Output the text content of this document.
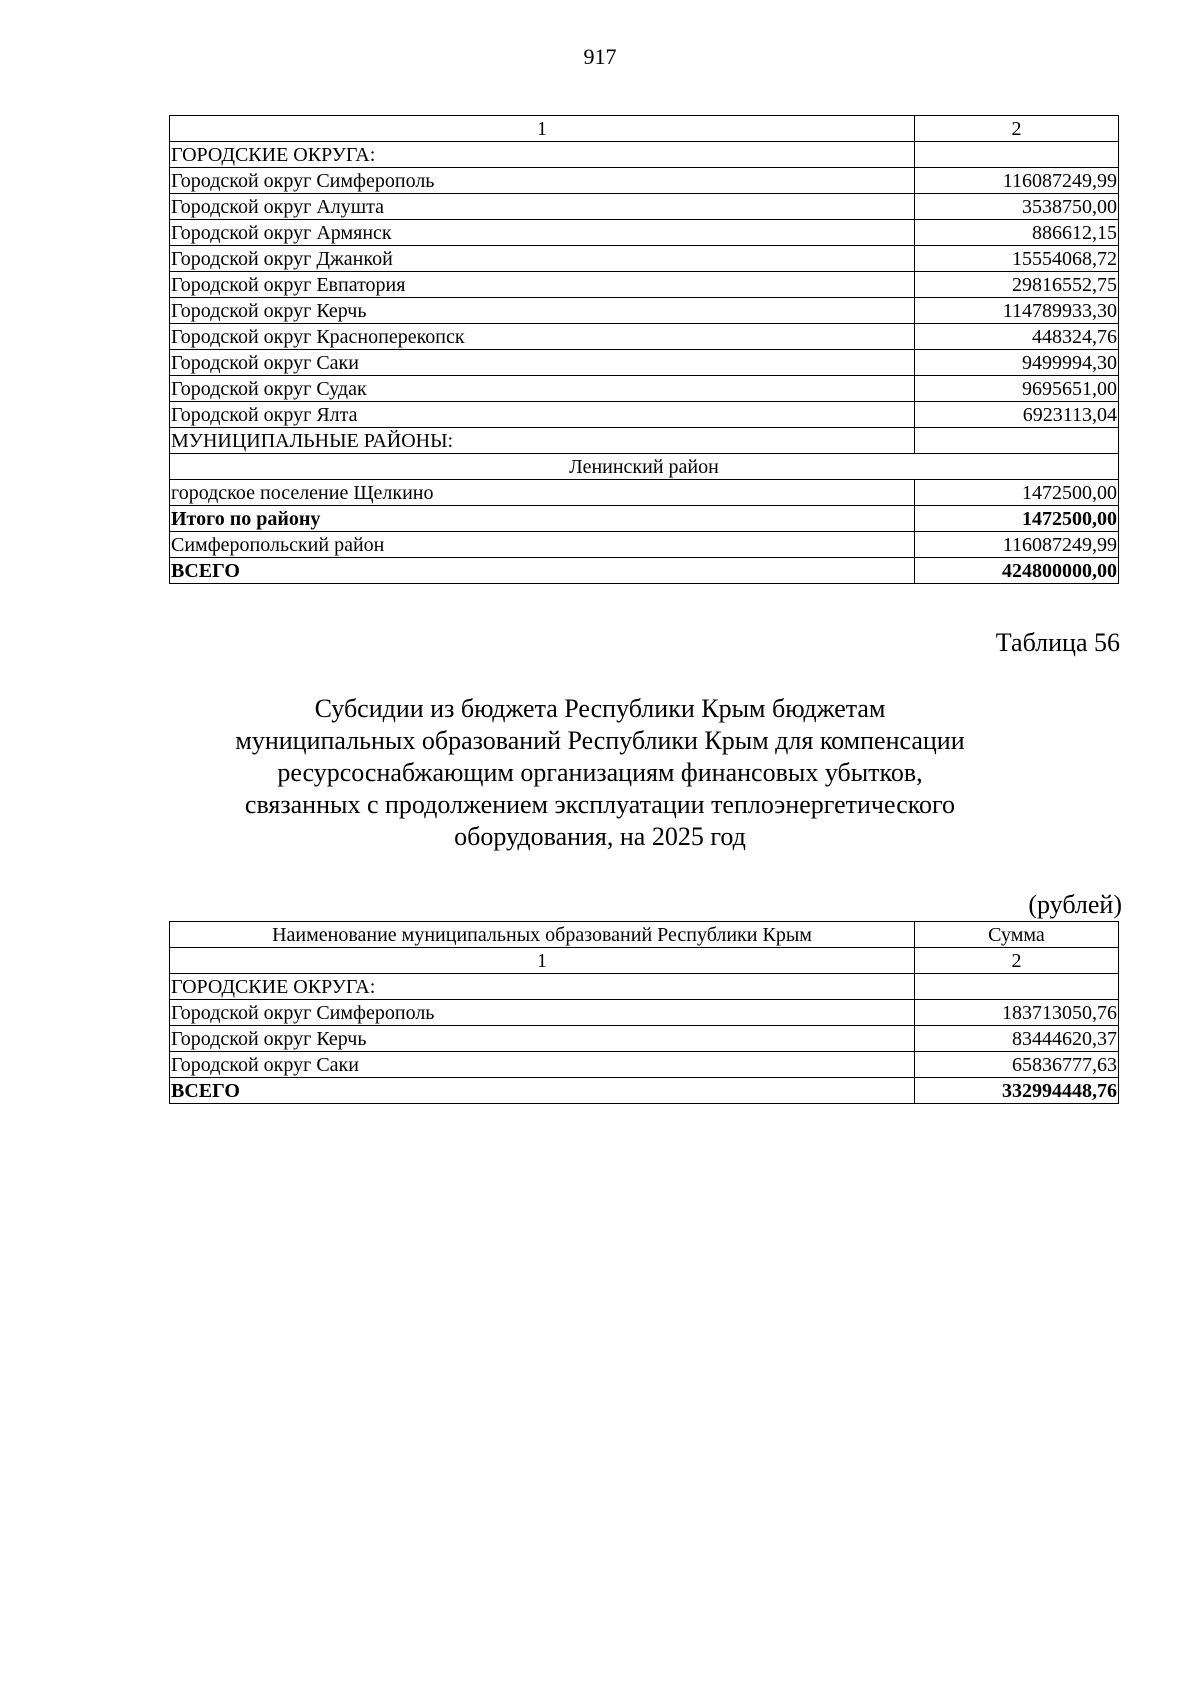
917
1	2
ГОРОДСКИЕ ОКРУГА:	
Городской округ Симферополь	116087249,99
Городской округ Алушта	3538750,00
Городской округ Армянск	886612,15
Городской округ Джанкой	15554068,72
Городской округ Евпатория	29816552,75
Городской округ Керчь	114789933,30
Городской округ Красноперекопск	448324,76
Городской округ Саки	9499994,30
Городской округ Судак	9695651,00
Городской округ Ялта	6923113,04
МУНИЦИПАЛЬНЫЕ РАЙОНЫ:	
Ленинский район	
городское поселение Щелкино	1472500,00
Итого по району	1472500,00
Симферопольский район	116087249,99
ВСЕГО	424800000,00
Таблица 56
Субсидии из бюджета Республики Крым бюджетам
муниципальных образований Республики Крым для компенсации
ресурсоснабжающим организациям финансовых убытков,
связанных с продолжением эксплуатации теплоэнергетического
оборудования, на 2025 год
(рублей)
Наименование муниципальных образований Республики Крым	Сумма
1	2
ГОРОДСКИЕ ОКРУГА:	
Городской округ Симферополь	183713050,76
Городской округ Керчь	83444620,37
Городской округ Саки	65836777,63
ВСЕГО	332994448,76
